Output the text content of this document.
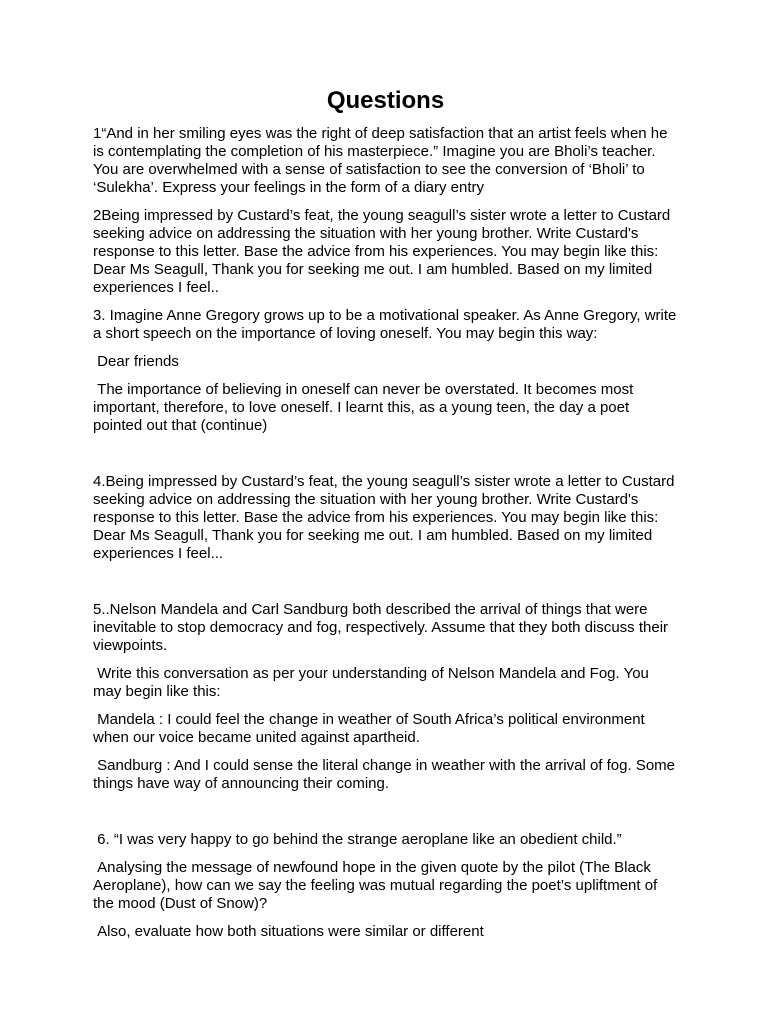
Questions

1“And in her smiling eyes was the right of deep satisfaction that an artist feels when he is contemplating the completion of his masterpiece.” Imagine you are Bholi’s teacher. You are overwhelmed with a sense of satisfaction to see the conversion of ‘Bholi’ to ‘Sulekha’. Express your feelings in the form of a diary entry

2Being impressed by Custard’s feat, the young seagull’s sister wrote a letter to Custard seeking advice on addressing the situation with her young brother. Write Custard's response to this letter. Base the advice from his experiences. You may begin like this: Dear Ms Seagull, Thank you for seeking me out. I am humbled. Based on my limited experiences I feel..

3. Imagine Anne Gregory grows up to be a motivational speaker. As Anne Gregory, write a short speech on the importance of loving oneself. You may begin this way:

Dear friends

The importance of believing in oneself can never be overstated. It becomes most important, therefore, to love oneself. I learnt this, as a young teen, the day a poet pointed out that (continue)

4.Being impressed by Custard’s feat, the young seagull’s sister wrote a letter to Custard seeking advice on addressing the situation with her young brother. Write Custard's response to this letter. Base the advice from his experiences. You may begin like this: Dear Ms Seagull, Thank you for seeking me out. I am humbled. Based on my limited experiences I feel...

5..Nelson Mandela and Carl Sandburg both described the arrival of things that were inevitable to stop democracy and fog, respectively. Assume that they both discuss their viewpoints.

Write this conversation as per your understanding of Nelson Mandela and Fog. You may begin like this:

Mandela : I could feel the change in weather of South Africa’s political environment when our voice became united against apartheid.

Sandburg : And I could sense the literal change in weather with the arrival of fog. Some things have way of announcing their coming.

6. “I was very happy to go behind the strange aeroplane like an obedient child.”

Analysing the message of newfound hope in the given quote by the pilot (The Black Aeroplane), how can we say the feeling was mutual regarding the poet’s upliftment of the mood (Dust of Snow)?

Also, evaluate how both situations were similar or different
